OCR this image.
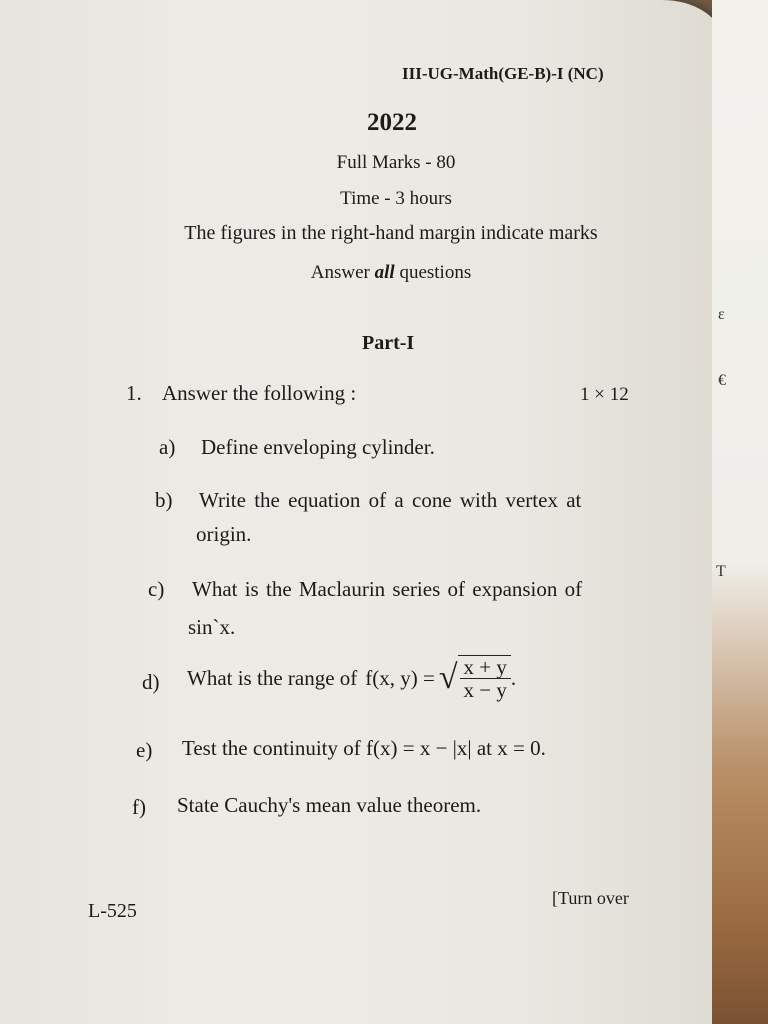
III-UG-Math(GE-B)-I (NC)
2022
Full Marks - 80
Time - 3 hours
The figures in the right-hand margin indicate marks
Answer all questions
Part-I
1. Answer the following :	1 × 12
a) Define enveloping cylinder.
b) Write the equation of a cone with vertex at
origin.
c) What is the Maclaurin series of expansion of
sin`x.
d) What is the range of f(x, y) = √ $\frac{x + y}{x - y}$ .
e) Test the continuity of f(x) = x − |x| at x = 0.
f) State Cauchy's mean value theorem.
L-525
[Turn over
ε
€
T
